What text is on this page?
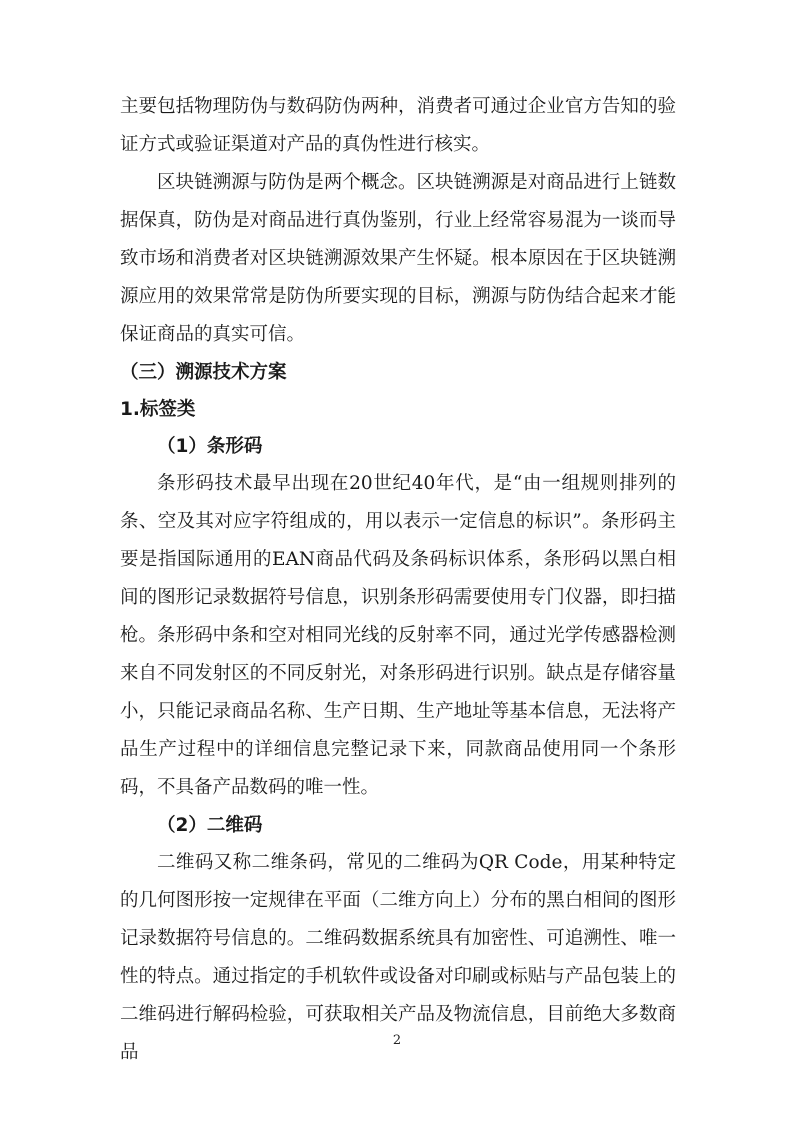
主要包括物理防伪与数码防伪两种，消费者可通过企业官方告知的验证方式或验证渠道对产品的真伪性进行核实。

区块链溯源与防伪是两个概念。区块链溯源是对商品进行上链数据保真，防伪是对商品进行真伪鉴别，行业上经常容易混为一谈而导致市场和消费者对区块链溯源效果产生怀疑。根本原因在于区块链溯源应用的效果常常是防伪所要实现的目标，溯源与防伪结合起来才能保证商品的真实可信。

（三）溯源技术方案

1.标签类

（1）条形码

条形码技术最早出现在20世纪40年代，是“由一组规则排列的条、空及其对应字符组成的，用以表示一定信息的标识”。条形码主要是指国际通用的EAN商品代码及条码标识体系，条形码以黑白相间的图形记录数据符号信息，识别条形码需要使用专门仪器，即扫描枪。条形码中条和空对相同光线的反射率不同，通过光学传感器检测来自不同发射区的不同反射光，对条形码进行识别。缺点是存储容量小，只能记录商品名称、生产日期、生产地址等基本信息，无法将产品生产过程中的详细信息完整记录下来，同款商品使用同一个条形码，不具备产品数码的唯一性。

（2）二维码

二维码又称二维条码，常见的二维码为QR Code，用某种特定的几何图形按一定规律在平面（二维方向上）分布的黑白相间的图形记录数据符号信息的。二维码数据系统具有加密性、可追溯性、唯一性的特点。通过指定的手机软件或设备对印刷或标贴与产品包装上的二维码进行解码检验，可获取相关产品及物流信息，目前绝大多数商品

2
